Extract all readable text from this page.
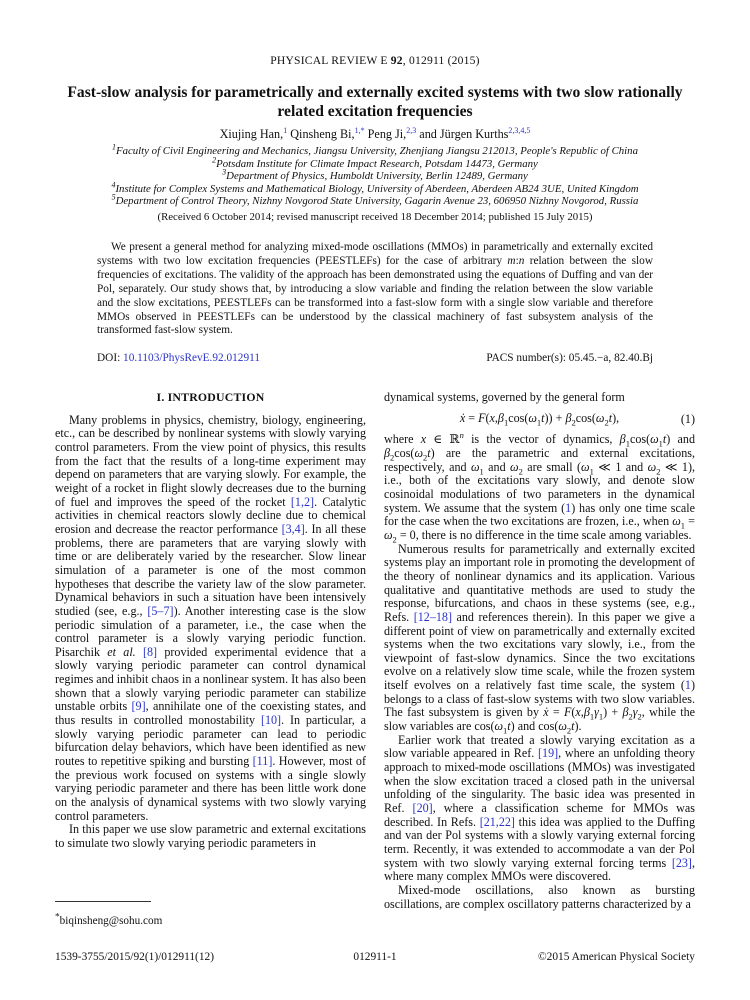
PHYSICAL REVIEW E 92, 012911 (2015)
Fast-slow analysis for parametrically and externally excited systems with two slow rationally related excitation frequencies
Xiujing Han,$^1$ Qinsheng Bi,$^{1,*}$ Peng Ji,$^{2,3}$ and Jürgen Kurths$^{2,3,4,5}$
$^1$Faculty of Civil Engineering and Mechanics, Jiangsu University, Zhenjiang Jiangsu 212013, People's Republic of China
$^2$Potsdam Institute for Climate Impact Research, Potsdam 14473, Germany
$^3$Department of Physics, Humboldt University, Berlin 12489, Germany
$^4$Institute for Complex Systems and Mathematical Biology, University of Aberdeen, Aberdeen AB24 3UE, United Kingdom
$^5$Department of Control Theory, Nizhny Novgorod State University, Gagarin Avenue 23, 606950 Nizhny Novgorod, Russia
(Received 6 October 2014; revised manuscript received 18 December 2014; published 15 July 2015)
We present a general method for analyzing mixed-mode oscillations (MMOs) in parametrically and externally excited systems with two low excitation frequencies (PEESTLEFs) for the case of arbitrary m:n relation between the slow frequencies of excitations. The validity of the approach has been demonstrated using the equations of Duffing and van der Pol, separately. Our study shows that, by introducing a slow variable and finding the relation between the slow variable and the slow excitations, PEESTLEFs can be transformed into a fast-slow form with a single slow variable and therefore MMOs observed in PEESTLEFs can be understood by the classical machinery of fast subsystem analysis of the transformed fast-slow system.
DOI: 10.1103/PhysRevE.92.012911	PACS number(s): 05.45.−a, 82.40.Bj
I. INTRODUCTION

Many problems in physics, chemistry, biology, engineering, etc., can be described by nonlinear systems with slowly varying control parameters. From the view point of physics, this results from the fact that the results of a long-time experiment may depend on parameters that are varying slowly. For example, the weight of a rocket in flight slowly decreases due to the burning of fuel and improves the speed of the rocket [1,2]. Catalytic activities in chemical reactors slowly decline due to chemical erosion and decrease the reactor performance [3,4]. In all these problems, there are parameters that are varying slowly with time or are deliberately varied by the researcher. Slow linear simulation of a parameter is one of the most common hypotheses that describe the variety law of the slow parameter. Dynamical behaviors in such a situation have been intensively studied (see, e.g., [5–7]). Another interesting case is the slow periodic simulation of a parameter, i.e., the case when the control parameter is a slowly varying periodic function. Pisarchik et al. [8] provided experimental evidence that a slowly varying periodic parameter can control dynamical regimes and inhibit chaos in a nonlinear system. It has also been shown that a slowly varying periodic parameter can stabilize unstable orbits [9], annihilate one of the coexisting states, and thus results in controlled monostability [10]. In particular, a slowly varying periodic parameter can lead to periodic bifurcation delay behaviors, which have been identified as new routes to repetitive spiking and bursting [11]. However, most of the previous work focused on systems with a single slowly varying periodic parameter and there has been little work done on the analysis of dynamical systems with two slowly varying control parameters.

In this paper we use slow parametric and external excitations to simulate two slowly varying periodic parameters in

dynamical systems, governed by the general form

ẋ = $F(x,\beta_1\cos(\omega_1t)) + \beta_2\cos(\omega_2t)$,	(1)

where x ∈ ℝ$^n$ is the vector of dynamics, $\beta_1\cos(\omega_1t)$ and $\beta_2\cos(\omega_2t)$ are the parametric and external excitations, respectively, and $\omega_1$ and $\omega_2$ are small ($\omega_1$ ≪ 1 and $\omega_2$ ≪ 1), i.e., both of the excitations vary slowly, and denote slow cosinoidal modulations of two parameters in the dynamical system. We assume that the system (1) has only one time scale for the case when the two excitations are frozen, i.e., when $\omega_1 = \omega_2 = 0$, there is no difference in the time scale among variables.

Numerous results for parametrically and externally excited systems play an important role in promoting the development of the theory of nonlinear dynamics and its application. Various qualitative and quantitative methods are used to study the response, bifurcations, and chaos in these systems (see, e.g., Refs. [12–18] and references therein). In this paper we give a different point of view on parametrically and externally excited systems when the two excitations vary slowly, i.e., from the viewpoint of fast-slow dynamics. Since the two excitations evolve on a relatively slow time scale, while the frozen system itself evolves on a relatively fast time scale, the system (1) belongs to a class of fast-slow systems with two slow variables. The fast subsystem is given by ẋ = $F(x,\beta_1\gamma_1) + \beta_2\gamma_2$, while the slow variables are $\cos(\omega_1t)$ and $\cos(\omega_2t)$.

Earlier work that treated a slowly varying excitation as a slow variable appeared in Ref. [19], where an unfolding theory approach to mixed-mode oscillations (MMOs) was investigated when the slow excitation traced a closed path in the universal unfolding of the singularity. The basic idea was presented in Ref. [20], where a classification scheme for MMOs was described. In Refs. [21,22] this idea was applied to the Duffing and van der Pol systems with a slowly varying external forcing term. Recently, it was extended to accommodate a van der Pol system with two slowly varying external forcing terms [23], where many complex MMOs were discovered.

Mixed-mode oscillations, also known as bursting oscillations, are complex oscillatory patterns characterized by a

*biqinsheng@sohu.com
012911-1
1539-3755/2015/92(1)/012911(12)	©2015 American Physical Society
